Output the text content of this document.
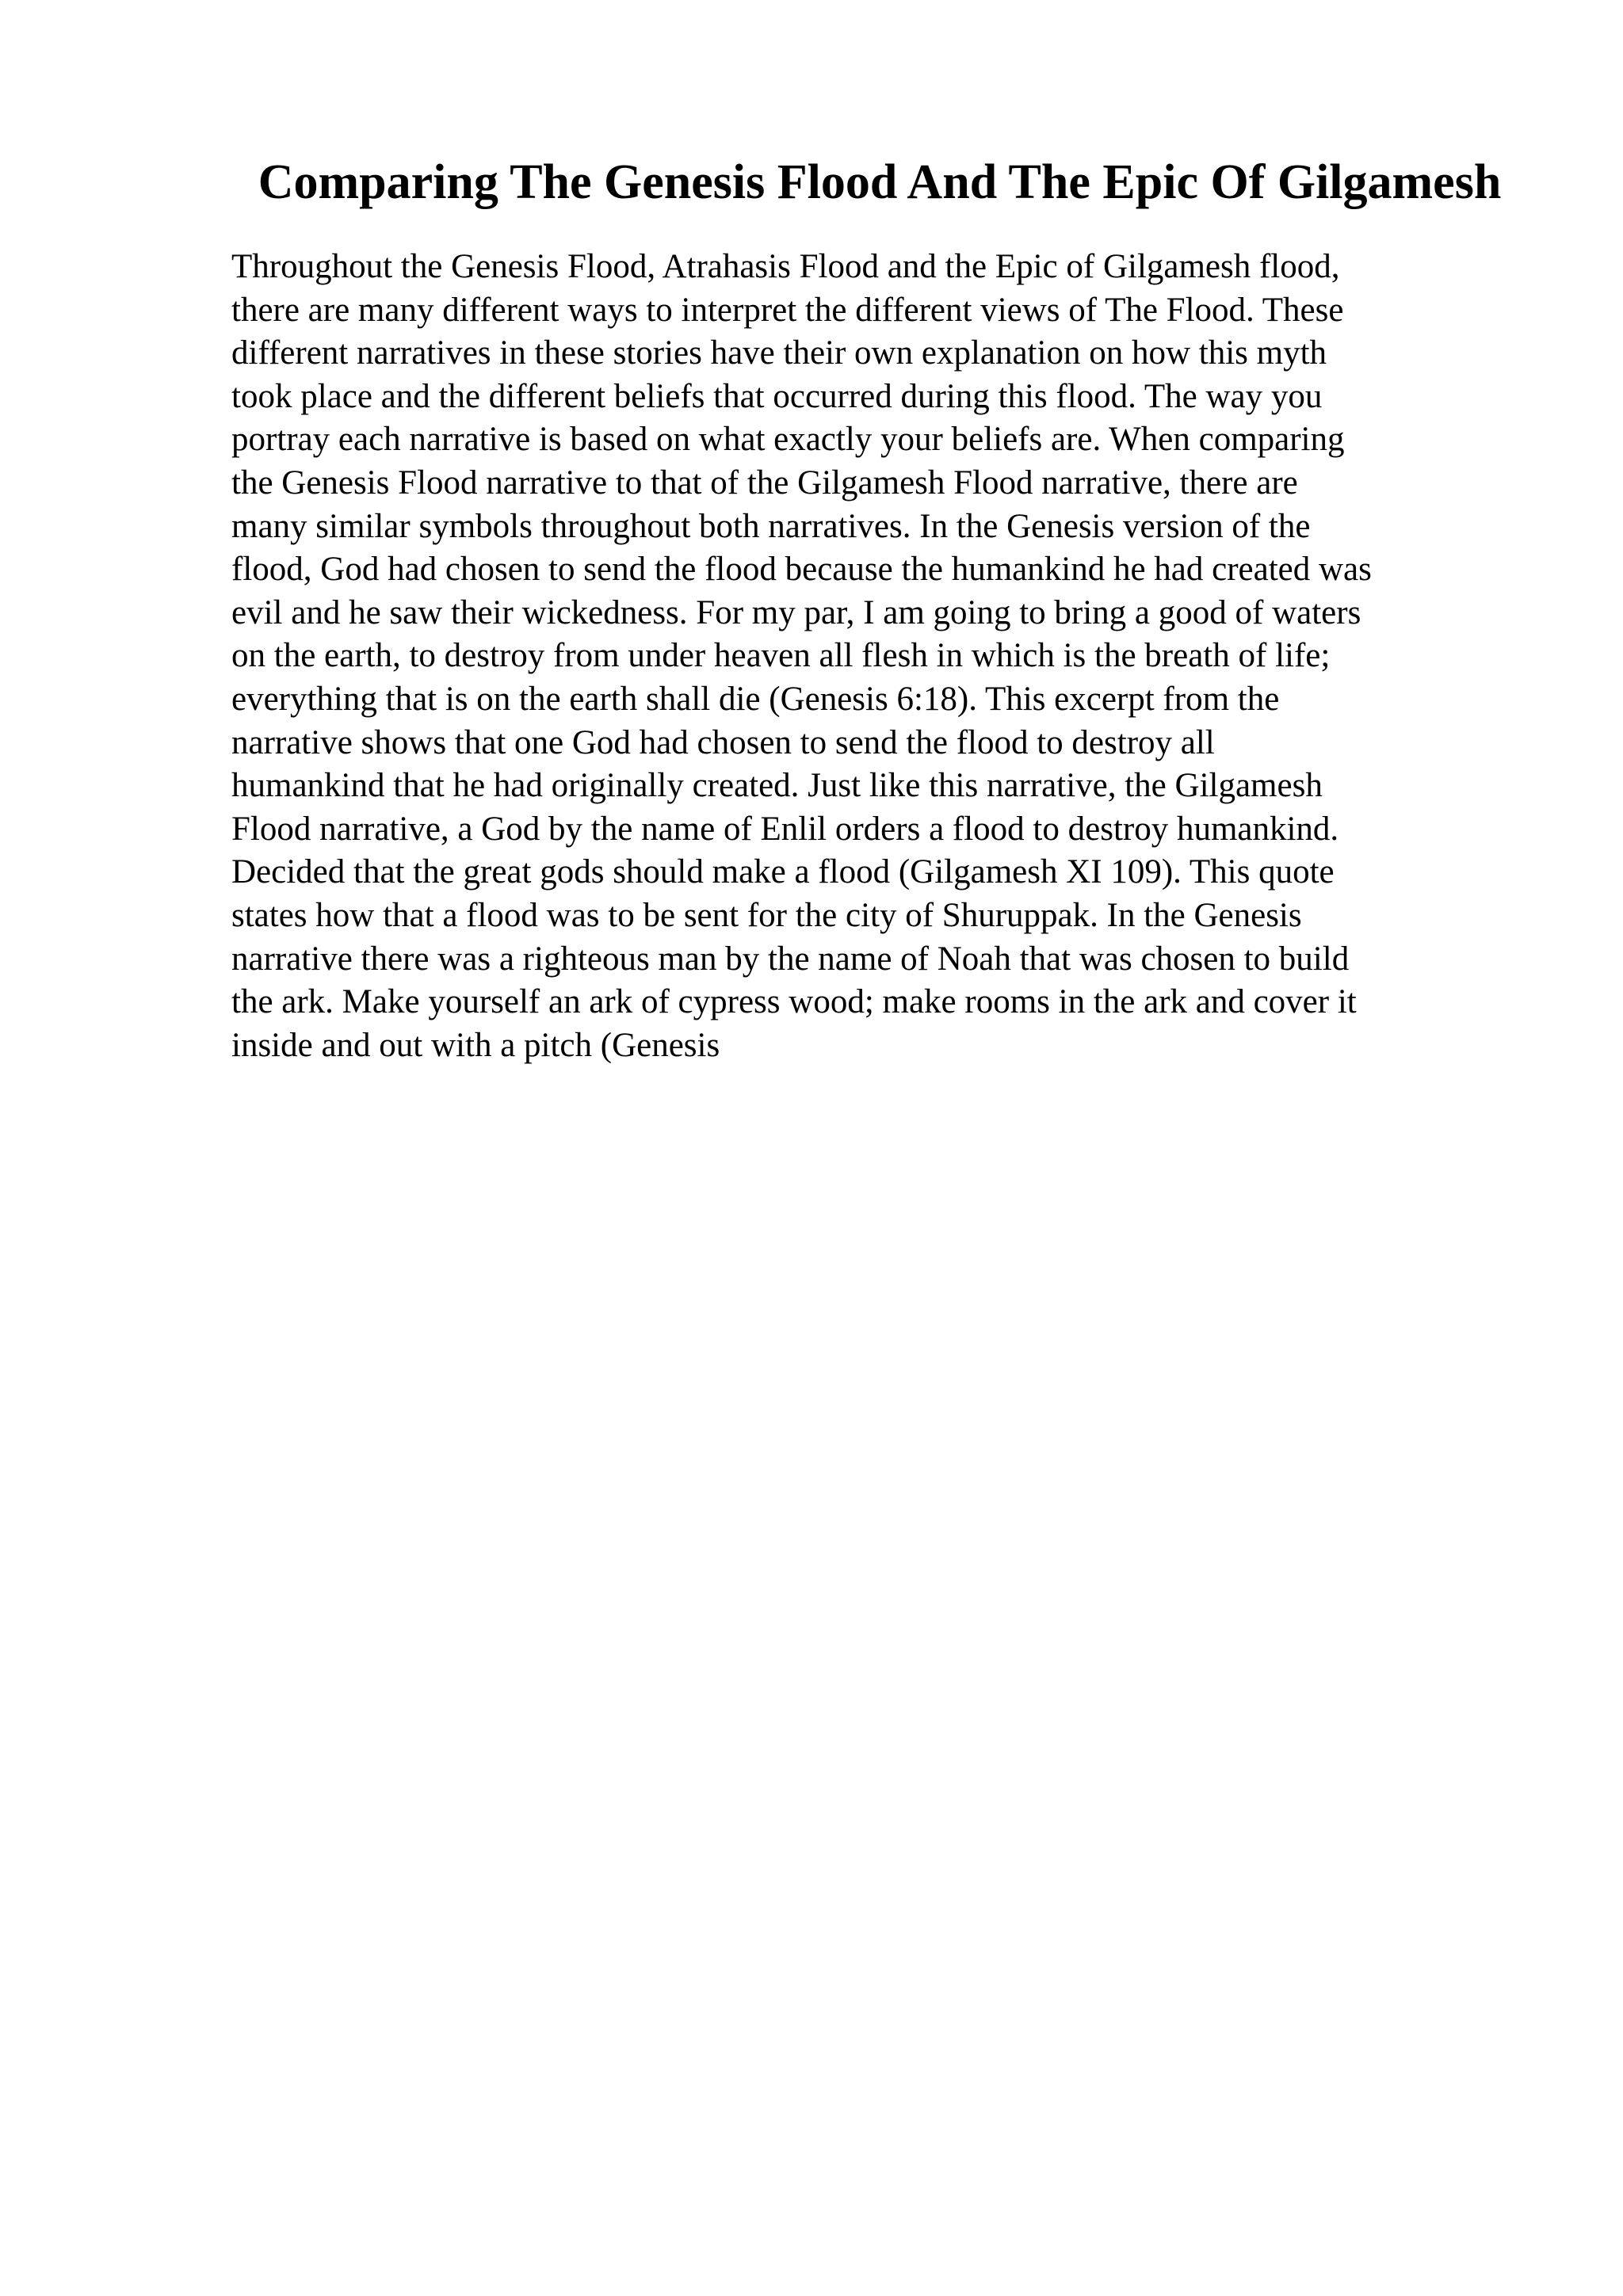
Comparing The Genesis Flood And The Epic Of Gilgamesh
Throughout the Genesis Flood, Atrahasis Flood and the Epic of Gilgamesh flood,
there are many different ways to interpret the different views of The Flood. These
different narratives in these stories have their own explanation on how this myth
took place and the different beliefs that occurred during this flood. The way you
portray each narrative is based on what exactly your beliefs are. When comparing
the Genesis Flood narrative to that of the Gilgamesh Flood narrative, there are
many similar symbols throughout both narratives. In the Genesis version of the
flood, God had chosen to send the flood because the humankind he had created was
evil and he saw their wickedness. For my par, I am going to bring a good of waters
on the earth, to destroy from under heaven all flesh in which is the breath of life;
everything that is on the earth shall die (Genesis 6:18). This excerpt from the
narrative shows that one God had chosen to send the flood to destroy all
humankind that he had originally created. Just like this narrative, the Gilgamesh
Flood narrative, a God by the name of Enlil orders a flood to destroy humankind.
Decided that the great gods should make a flood (Gilgamesh XI 109). This quote
states how that a flood was to be sent for the city of Shuruppak. In the Genesis
narrative there was a righteous man by the name of Noah that was chosen to build
the ark. Make yourself an ark of cypress wood; make rooms in the ark and cover it
inside and out with a pitch (Genesis
